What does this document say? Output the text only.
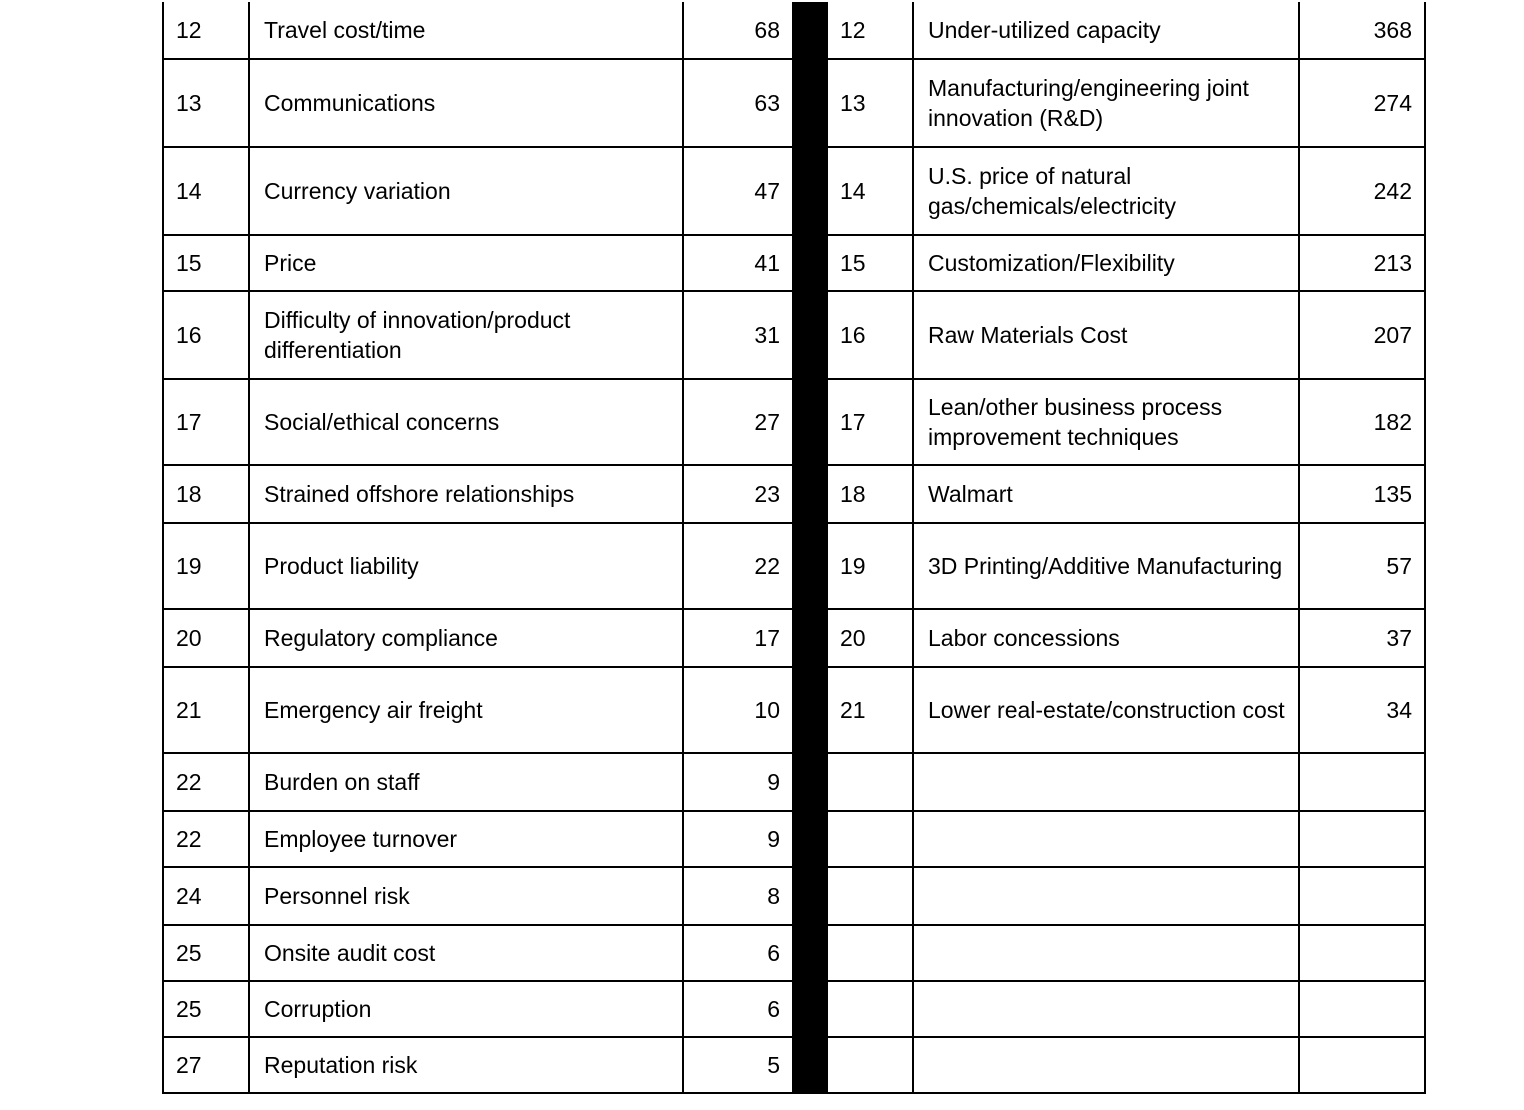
12	Travel cost/time	68		12	Under-utilized capacity	368
13	Communications	63		13	Manufacturing/engineering joint innovation (R&D)	274
14	Currency variation	47		14	U.S. price of natural gas/chemicals/electricity	242
15	Price	41		15	Customization/Flexibility	213
16	Difficulty of innovation/product differentiation	31		16	Raw Materials Cost	207
17	Social/ethical concerns	27		17	Lean/other business process improvement techniques	182
18	Strained offshore relationships	23		18	Walmart	135
19	Product liability	22		19	3D Printing/Additive Manufacturing	57
20	Regulatory compliance	17		20	Labor concessions	37
21	Emergency air freight	10		21	Lower real-estate/construction cost	34
22	Burden on staff	9				
22	Employee turnover	9				
24	Personnel risk	8				
25	Onsite audit cost	6				
25	Corruption	6				
27	Reputation risk	5				
